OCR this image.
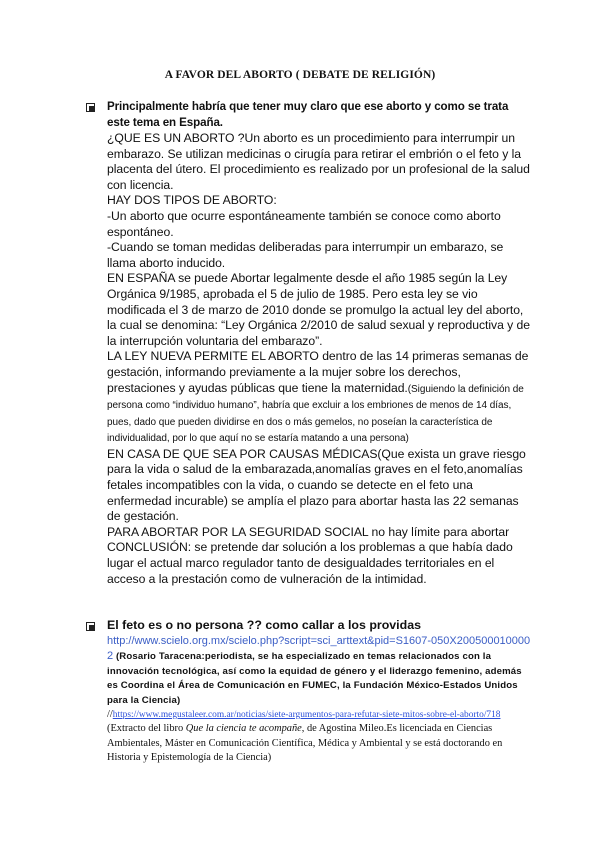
A FAVOR DEL ABORTO ( DEBATE DE RELIGIÓN)
Principalmente habría que tener muy claro que ese aborto y como se trata este tema en España.

¿QUE ES UN ABORTO ?Un aborto es un procedimiento para interrumpir un embarazo. Se utilizan medicinas o cirugía para retirar el embrión o el feto y la placenta del útero. El procedimiento es realizado por un profesional de la salud con licencia.

HAY DOS TIPOS DE ABORTO:

-Un aborto que ocurre espontáneamente también se conoce como aborto espontáneo.

-Cuando se toman medidas deliberadas para interrumpir un embarazo, se llama aborto inducido.

EN ESPAÑA se puede Abortar legalmente desde el año 1985 según la Ley Orgánica 9/1985, aprobada el 5 de julio de 1985. Pero esta ley se vio modificada el 3 de marzo de 2010 donde se promulgo la actual ley del aborto, la cual se denomina: “Ley Orgánica 2/2010 de salud sexual y reproductiva y de la interrupción voluntaria del embarazo”.

LA LEY NUEVA PERMITE EL ABORTO dentro de las 14 primeras semanas de gestación, informando previamente a la mujer sobre los derechos, prestaciones y ayudas públicas que tiene la maternidad.(Siguiendo la definición de persona como “individuo humano”, habría que excluir a los embriones de menos de 14 días, pues, dado que pueden dividirse en dos o más gemelos, no poseían la característica de individualidad, por lo que aquí no se estaría matando a una persona)

EN CASA DE QUE SEA POR CAUSAS MÉDICAS(Que exista un grave riesgo para la vida o salud de la embarazada,anomalías graves en el feto,anomalías fetales incompatibles con la vida, o cuando se detecte en el feto una enfermedad incurable) se amplía el plazo para abortar hasta las 22 semanas de gestación.

PARA ABORTAR POR LA SEGURIDAD SOCIAL no hay límite para abortar

CONCLUSIÓN: se pretende dar solución a los problemas a que había dado lugar el actual marco regulador tanto de desigualdades territoriales en el acceso a la prestación como de vulneración de la intimidad.

El feto es o no persona ?? como callar a los providas

http://www.scielo.org.mx/scielo.php?script=sci_arttext&pid=S1607-050X2005000100002 (Rosario Taracena:periodista, se ha especializado en temas relacionados con la innovación tecnológica, así como la equidad de género y el liderazgo femenino, además es Coordina el Área de Comunicación en FUMEC, la Fundación México-Estados Unidos para la Ciencia)

//https://www.megustaleer.com.ar/noticias/siete-argumentos-para-refutar-siete-mitos-sobre-el-aborto/718(Extracto del libro Que la ciencia te acompañe, de Agostina Mileo.Es licenciada en Ciencias Ambientales, Máster en Comunicación Científica, Médica y Ambiental y se está doctorando en Historia y Epistemología de la Ciencia)
